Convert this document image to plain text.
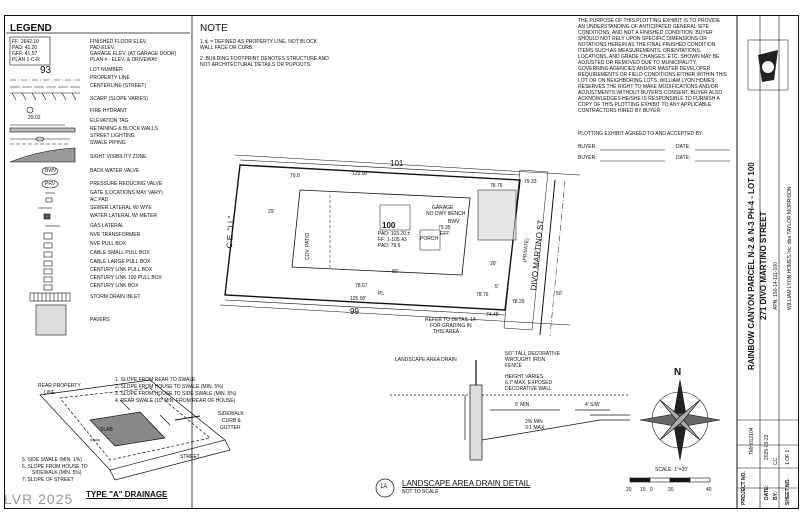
LEGEND
FF: 2642.10
PAD: 41.20
GFF: 41.57
PLAN 1-C-R
FINISHED FLOOR ELEV.
PAD ELEV.
GARAGE ELEV. (AT GARAGE DOOR)
PLAN # - ELEV. & DRIVEWAY
93	LOT NUMBER
PROPERTY LINE
CENTERLINE (STREET)
SCARP (SLOPE VARIES)
FIRE HYDRANT
29.02	ELEVATION TAG
RETAINING & BLOCK WALLS
STREET LIGHTING
SWALE PIPING
SIGHT VISIBILITY ZONE
BWV	BACK WATER VALVE
PRV	PRESSURE REDUCING VALVE
GATE (LOCATIONS MAY VARY)
AC PAD
SEWER LATERAL W/ WYE
WATER LATERAL W/ METER
GAS LATERAL
NVE TRANSFORMER
NVE PULL BOX
CABLE SMALL PULL BOX
CABLE LARGE PULL BOX
CENTURY LINK PULL BOX
CENTURY LINK 100 PULL BOX
CENTURY LINK BOX
STORM DRAIN INLET
PAVERS
NOTE
1. ℄ = DEFINED AS PROPERTY LINE, NOT BLOCK
WALL FACE OR CURB.
2. BUILDING FOOTPRINT DENOTES STRUCTURE AND
NOT ARCHITECTURAL DETAILS OR POPOUTS.
THE PURPOSE OF THIS PLOTTING EXHIBIT IS TO PROVIDE AN UNDERSTANDING OF ANTICIPATED GENERAL SITE CONDITIONS, AND NOT A FINISHED CONDITION. BUYER SHOULD NOT RELY UPON SPECIFIC DIMENSIONS OR NOTATIONS HEREIN AS THE FINAL FINISHED CONDITION. ITEMS SUCH AS MEASUREMENTS, ORIENTATIONS, LOCATIONS, AND GRADE CHANGES, ETC. SHOWN MAY BE ADJUSTED OR REMOVED DUE TO MUNICIPALITY, GOVERNING AGENCIES AND/OR MASTER DEVELOPER REQUIREMENTS OR FIELD CONDITIONS EITHER WITHIN THIS LOT OR ON NEIGHBORING LOTS. WILLIAM LYON HOMES RESERVES THE RIGHT TO MAKE MODIFICATIONS AND/OR ADJUSTMENTS WITHOUT BUYER'S CONSENT. BUYER ALSO ACKNOWLEDGES HE/SHE IS RESPONSIBLE TO FURNISH A COPY OF THIS PLOTTING EXHIBIT TO ANY APPLICABLE CONTRACTORS HIRED BY BUYER.
PLOTTING EXHIBIT AGREED TO AND ACCEPTED BY:
BUYER:	DATE:
BUYER:	DATE:
RAINBOW CANYON PARCEL N-2 & N-3 PH-4 - LOT 100 271 DIVO MARTINO STREET APN: 150-14-111-100 WILLIAM LYON HOMES Inc. dba TAYLOR MORRISON
PROJECT NO.
TMH012104
DATE:
2025-03-22
BY:
CC
SHEET NO.
1 OF 1
101
99
100
PAD: 103.20 ±
FF: 1-105.43
PAD: 79.6
GARAGE
NO DWY BENCH
BWV
PORCH
COV. PATIO	DIVO MARTINO ST
(PRIVATE)
C.E. "LL"
125.00'
125.00'
29'
80'
20'
50'
5'
PL
79.8
78.76
79.33
78.67
78.76
78.29
74.48
79.35
EFF
REFER TO DETAIL 1A
FOR GRADING IN
THIS AREA
1. SLOPE FROM REAR TO SWALE
2. SLOPE FROM HOUSE TO SWALE (MIN. 5%)
3. SLOPE FROM HOUSE TO SIDE SWALE (MIN. 5%)
4. REAR SWALE (10' MIN. FROM REAR OF HOUSE)
REAR PROPERTY
LINE
SLAB
SIDEWALK
CURB &
GUTTER
STREET
5. SIDE SWALE (MIN. 1%)
6. SLOPE FROM HOUSE TO
SIDEWALK (MIN. 5%)
7. SLOPE OF STREET
TYPE "A" DRAINAGE
1A LANDSCAPE AREA DRAIN DETAIL
NOT TO SCALE
LANDSCAPE AREA DRAIN
5/0" TALL DECORATIVE
WROUGHT IRON
FENCE
HEIGHT VARIES
6.7' MAX. EXPOSED
DECORATIVE WALL
5' MIN	4' S/W
2% MIN
3:1 MAX
N
SCALE: 1"=20'
20 10 0	20	40
LVR 2025
